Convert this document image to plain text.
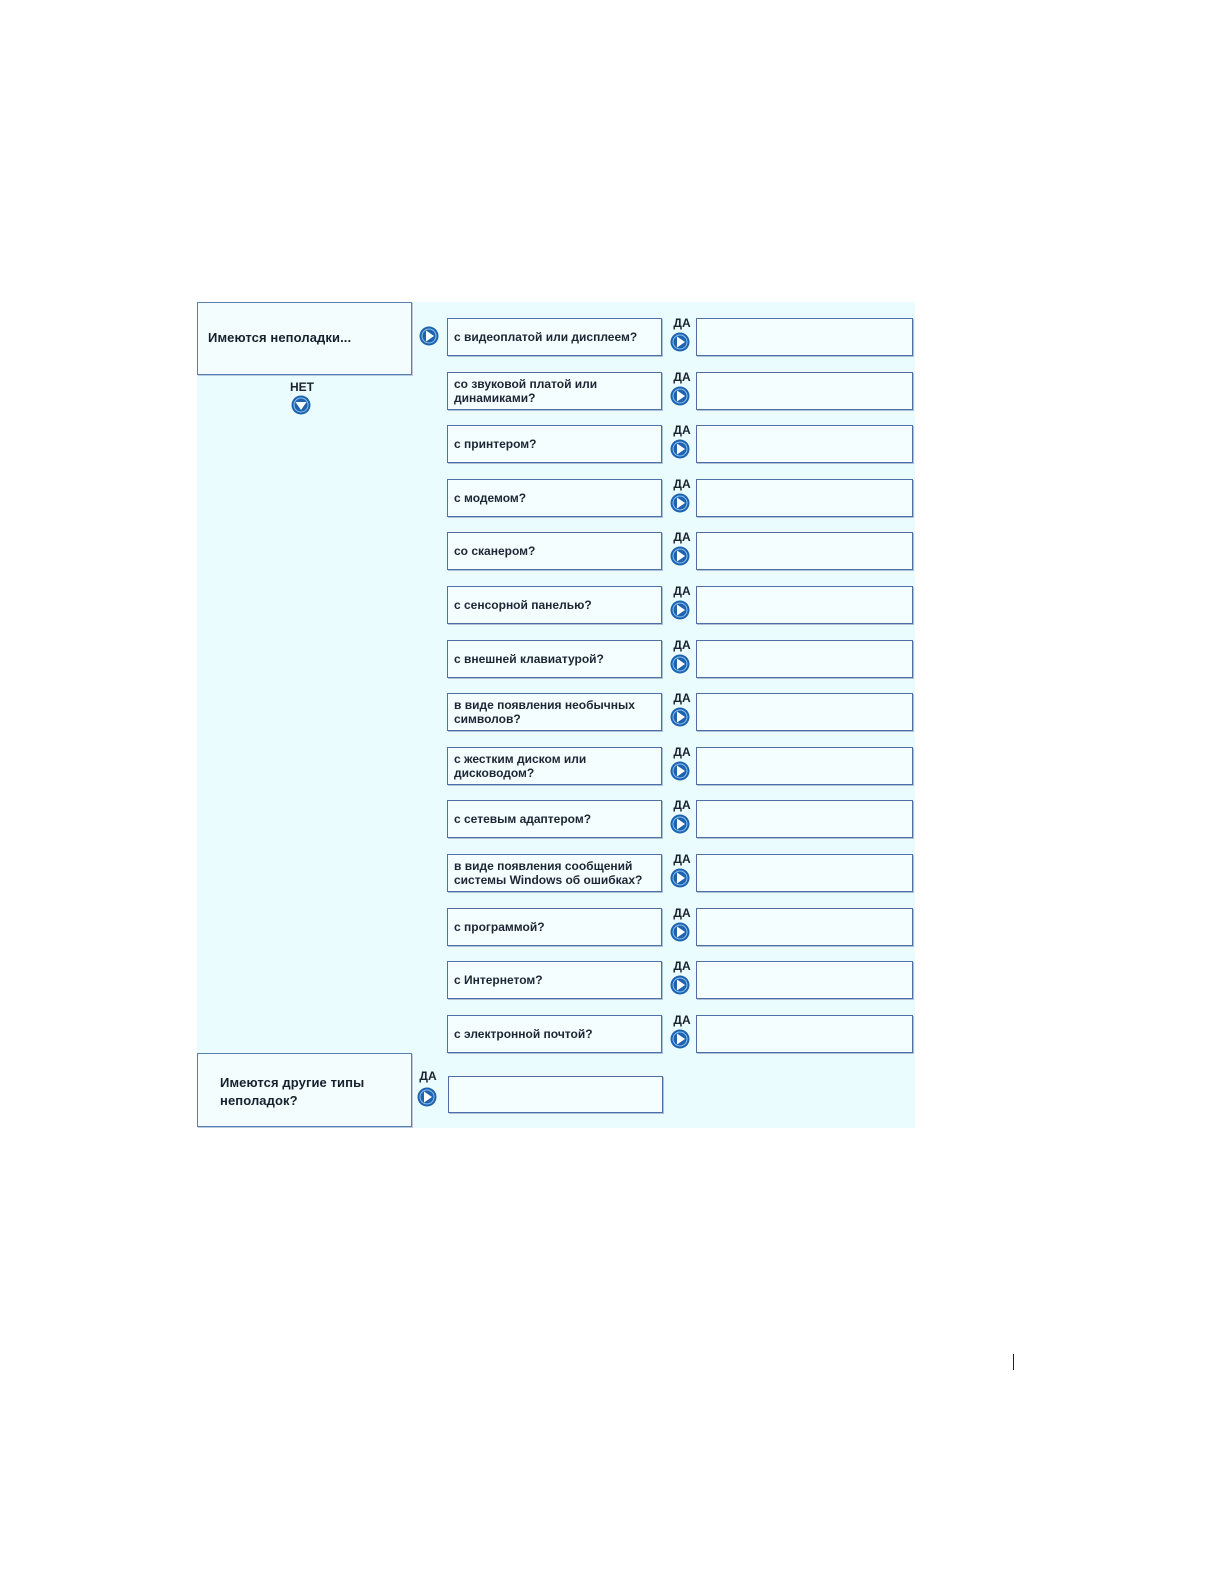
Имеются неполадки...
НЕТ
с видеоплатой или дисплеем?
ДА
со звуковой платой или динамиками?
ДА
с принтером?
ДА
с модемом?
ДА
со сканером?
ДА
с сенсорной панелью?
ДА
с внешней клавиатурой?
ДА
в виде появления необычных символов?
ДА
с жестким диском или дисководом?
ДА
с сетевым адаптером?
ДА
в виде появления сообщений системы Windows об ошибках?
ДА
с программой?
ДА
с Интернетом?
ДА
с электронной почтой?
ДА
Имеются другие типы неполадок?
ДА
